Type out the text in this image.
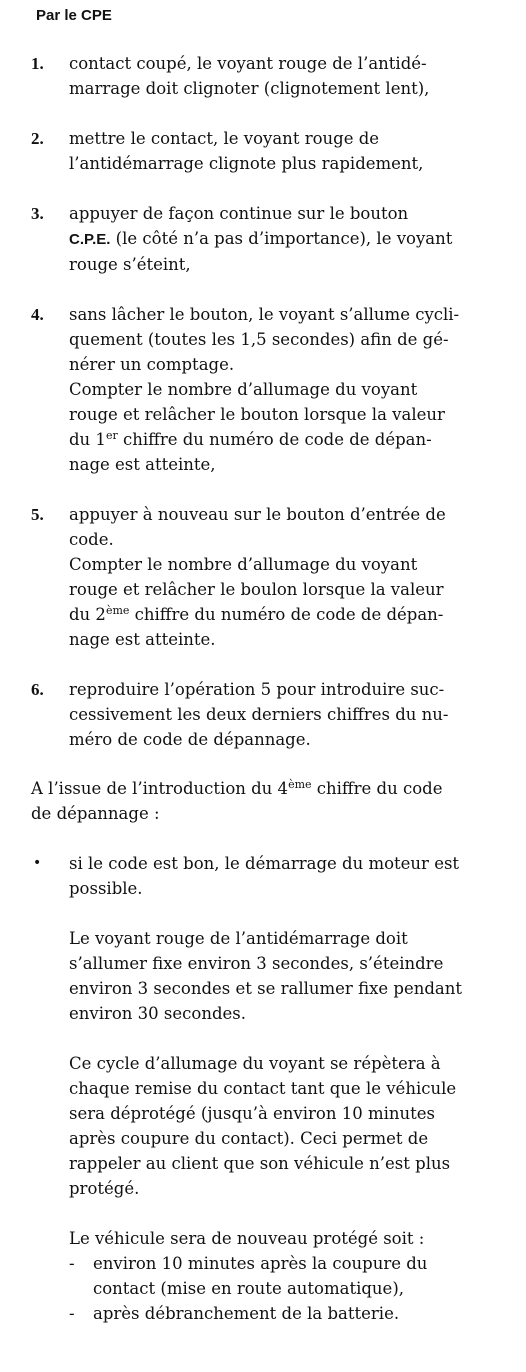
Par le CPE
1. contact coupé, le voyant rouge de l’antidé-
marrage doit clignoter (clignotement lent),
2. mettre le contact, le voyant rouge de
l’antidémarrage clignote plus rapidement,
3. appuyer de façon continue sur le bouton
C.P.E. (le côté n’a pas d’importance), le voyant
rouge s’éteint,
4. sans lâcher le bouton, le voyant s’allume cycli-
quement (toutes les 1,5 secondes) afin de gé-
nérer un comptage.
Compter le nombre d’allumage du voyant
rouge et relâcher le bouton lorsque la valeur
du 1er chiffre du numéro de code de dépan-
nage est atteinte,
5. appuyer à nouveau sur le bouton d’entrée de
code.
Compter le nombre d’allumage du voyant
rouge et relâcher le boulon lorsque la valeur
du 2ème chiffre du numéro de code de dépan-
nage est atteinte.
6. reproduire l’opération 5 pour introduire suc-
cessivement les deux derniers chiffres du nu-
méro de code de dépannage.
A l’issue de l’introduction du 4ème chiffre du code
de dépannage :
• si le code est bon, le démarrage du moteur est
possible.
Le voyant rouge de l’antidémarrage doit
s’allumer fixe environ 3 secondes, s’éteindre
environ 3 secondes et se rallumer fixe pendant
environ 30 secondes.
Ce cycle d’allumage du voyant se répètera à
chaque remise du contact tant que le véhicule
sera déprotégé (jusqu’à environ 10 minutes
après coupure du contact). Ceci permet de
rappeler au client que son véhicule n’est plus
protégé.
Le véhicule sera de nouveau protégé soit :
- environ 10 minutes après la coupure du
contact (mise en route automatique),
- après débranchement de la batterie.
